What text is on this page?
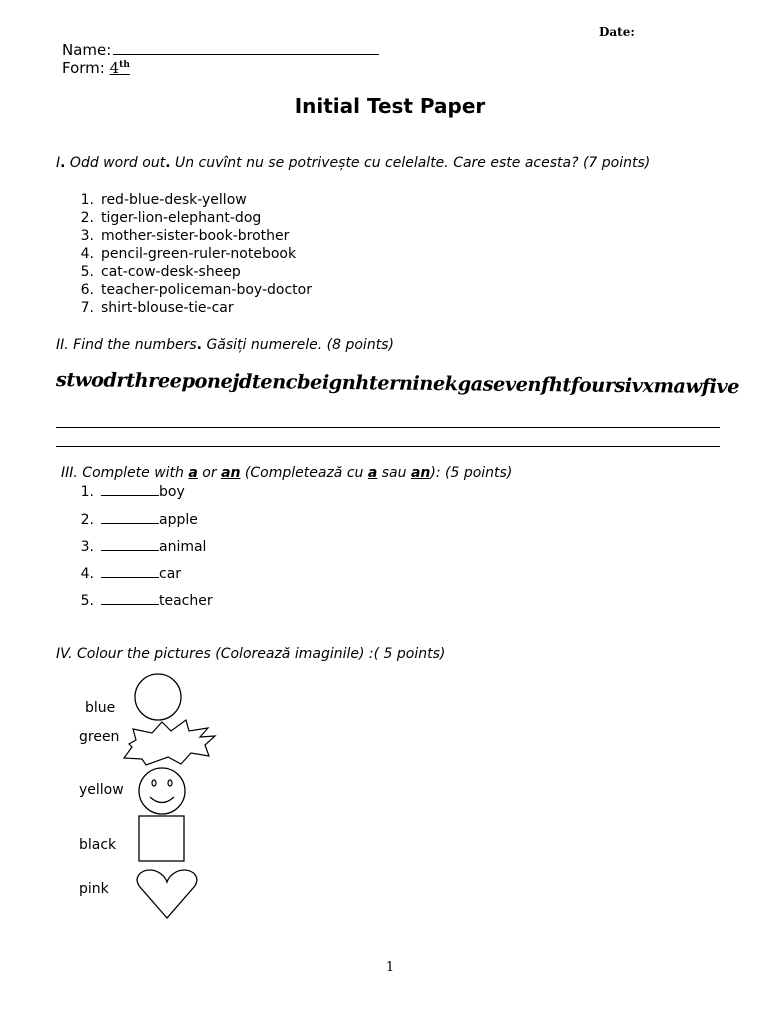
Date:
Name:
Form: 4th
Initial Test Paper
I. Odd word out. Un cuvînt nu se potrivește cu celelalte. Care este acesta? (7 points)
1. red-blue-desk-yellow
2. tiger-lion-elephant-dog
3. mother-sister-book-brother
4. pencil-green-ruler-notebook
5. cat-cow-desk-sheep
6. teacher-policeman-boy-doctor
7. shirt-blouse-tie-car
II. Find the numbers. Găsiți numerele. (8 points)
stwodrthreeponejdtencbeignhterninekgasevenfhtfoursivxmawfive
III. Complete with a or an (Completează cu a sau an): (5 points)
1.	boy
2.	apple
3.	animal
4.	car
5.	teacher
IV. Colour the pictures (Colorează imaginile) :( 5 points)
blue
green
yellow
black
pink
1
